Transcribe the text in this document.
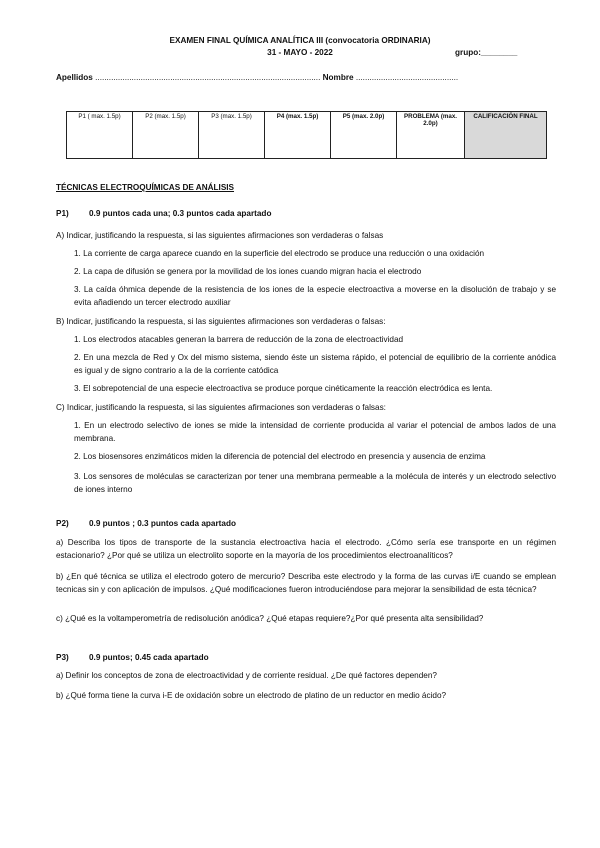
EXAMEN FINAL QUÍMICA ANALÍTICA III (convocatoria ORDINARIA)
31 - MAYO - 2022	grupo:________
Apellidos ................................................................................................... Nombre .............................................
P1 ( max. 1.5p)	P2 (max. 1.5p)	P3 (max. 1.5p)	P4 (max. 1.5p)	P5 (max. 2.0p)	PROBLEMA (max. 2.0p)	CALIFICACIÓN FINAL
TÉCNICAS ELECTROQUÍMICAS DE ANÁLISIS
P1) 0.9 puntos cada una; 0.3 puntos cada apartado
A) Indicar, justificando la respuesta, si las siguientes afirmaciones son verdaderas o falsas
1. La corriente de carga aparece cuando en la superficie del electrodo se produce una reducción o una oxidación
2. La capa de difusión se genera por la movilidad de los iones cuando migran hacia el electrodo
3. La caída óhmica depende de la resistencia de los iones de la especie electroactiva a moverse en la disolución de trabajo y se evita añadiendo un tercer electrodo auxiliar
B) Indicar, justificando la respuesta, si las siguientes afirmaciones son verdaderas o falsas:
1. Los electrodos atacables generan la barrera de reducción de la zona de electroactividad
2. En una mezcla de Red y Ox del mismo sistema, siendo éste un sistema rápido, el potencial de equilibrio de la corriente anódica es igual y de signo contrario a la de la corriente catódica
3. El sobrepotencial de una especie electroactiva se produce porque cinéticamente la reacción electródica es lenta.
C) Indicar, justificando la respuesta, si las siguientes afirmaciones son verdaderas o falsas:
1. En un electrodo selectivo de iones se mide la intensidad de corriente producida al variar el potencial de ambos lados de una membrana.
2. Los biosensores enzimáticos miden la diferencia de potencial del electrodo en presencia y ausencia de enzima
3. Los sensores de moléculas se caracterizan por tener una membrana permeable a la molécula de interés y un electrodo selectivo de iones interno
P2) 0.9 puntos ; 0.3 puntos cada apartado
a) Describa los tipos de transporte de la sustancia electroactiva hacia el electrodo. ¿Cómo sería ese transporte en un régimen estacionario? ¿Por qué se utiliza un electrolito soporte en la mayoría de los procedimientos electroanalíticos?
b) ¿En qué técnica se utiliza el electrodo gotero de mercurio? Describa este electrodo y la forma de las curvas i/E cuando se emplean tecnicas sin y con aplicación de impulsos. ¿Qué modificaciones fueron introduciéndose para mejorar la sensibilidad de esta técnica?
c) ¿Qué es la voltamperometría de redisolución anódica? ¿Qué etapas requiere?¿Por qué presenta alta sensibilidad?
P3) 0.9 puntos; 0.45 cada apartado
a) Definir los conceptos de zona de electroactividad y de corriente residual. ¿De qué factores dependen?
b) ¿Qué forma tiene la curva i-E de oxidación sobre un electrodo de platino de un reductor en medio ácido?
